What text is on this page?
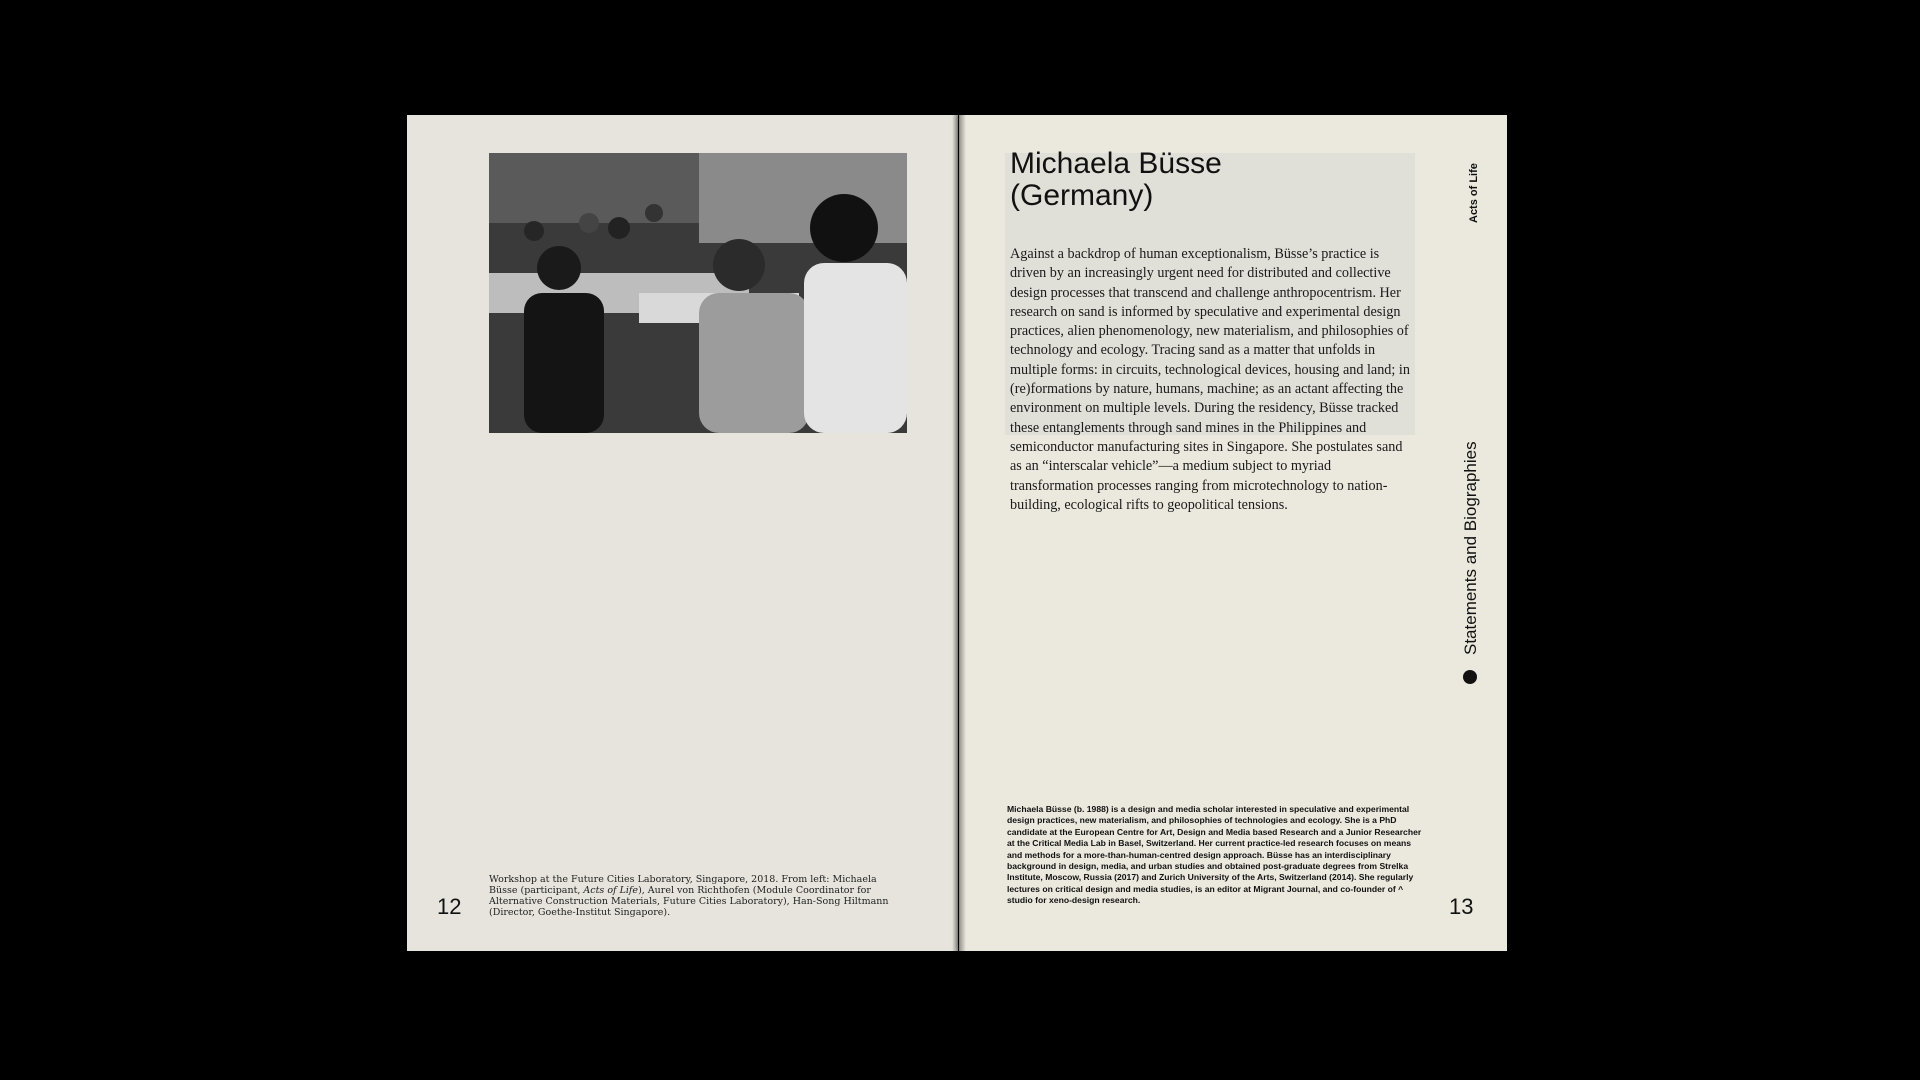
Workshop at the Future Cities Laboratory, Singapore, 2018. From left: Michaela Büsse (participant, Acts of Life), Aurel von Richthofen (Module Coordinator for Alternative Construction Materials, Future Cities Laboratory), Han-Song Hiltmann (Director, Goethe-Institut Singapore).
12
Michaela Büsse
(Germany)
Against a backdrop of human exceptionalism, Büsse’s practice is driven by an increasingly urgent need for distributed and collective design processes that transcend and challenge anthropocentrism. Her research on sand is informed by speculative and experimental design practices, alien phenomenology, new materialism, and philosophies of technology and ecology. Tracing sand as a matter that unfolds in multiple forms: in circuits, technological devices, housing and land; in (re)formations by nature, humans, machine; as an actant affecting the environment on multiple levels. During the residency, Büsse tracked these entanglements through sand mines in the Philippines and semiconductor manufacturing sites in Singapore. She postulates sand as an “interscalar vehicle”—a medium subject to myriad transformation processes ranging from microtechnology to nation-building, ecological rifts to geopolitical tensions.
Michaela Büsse (b. 1988) is a design and media scholar interested in speculative and experimental design practices, new materialism, and philosophies of technologies and ecology. She is a PhD candidate at the European Centre for Art, Design and Media based Research and a Junior Researcher at the Critical Media Lab in Basel, Switzerland. Her current practice-led research focuses on means and methods for a more-than-human-centred design approach. Büsse has an interdisciplinary background in design, media, and urban studies and obtained post-graduate degrees from Strelka Institute, Moscow, Russia (2017) and Zurich University of the Arts, Switzerland (2014). She regularly lectures on critical design and media studies, is an editor at Migrant Journal, and co-founder of ^ studio for xeno-design research.
Acts of Life
Statements and Biographies
13
